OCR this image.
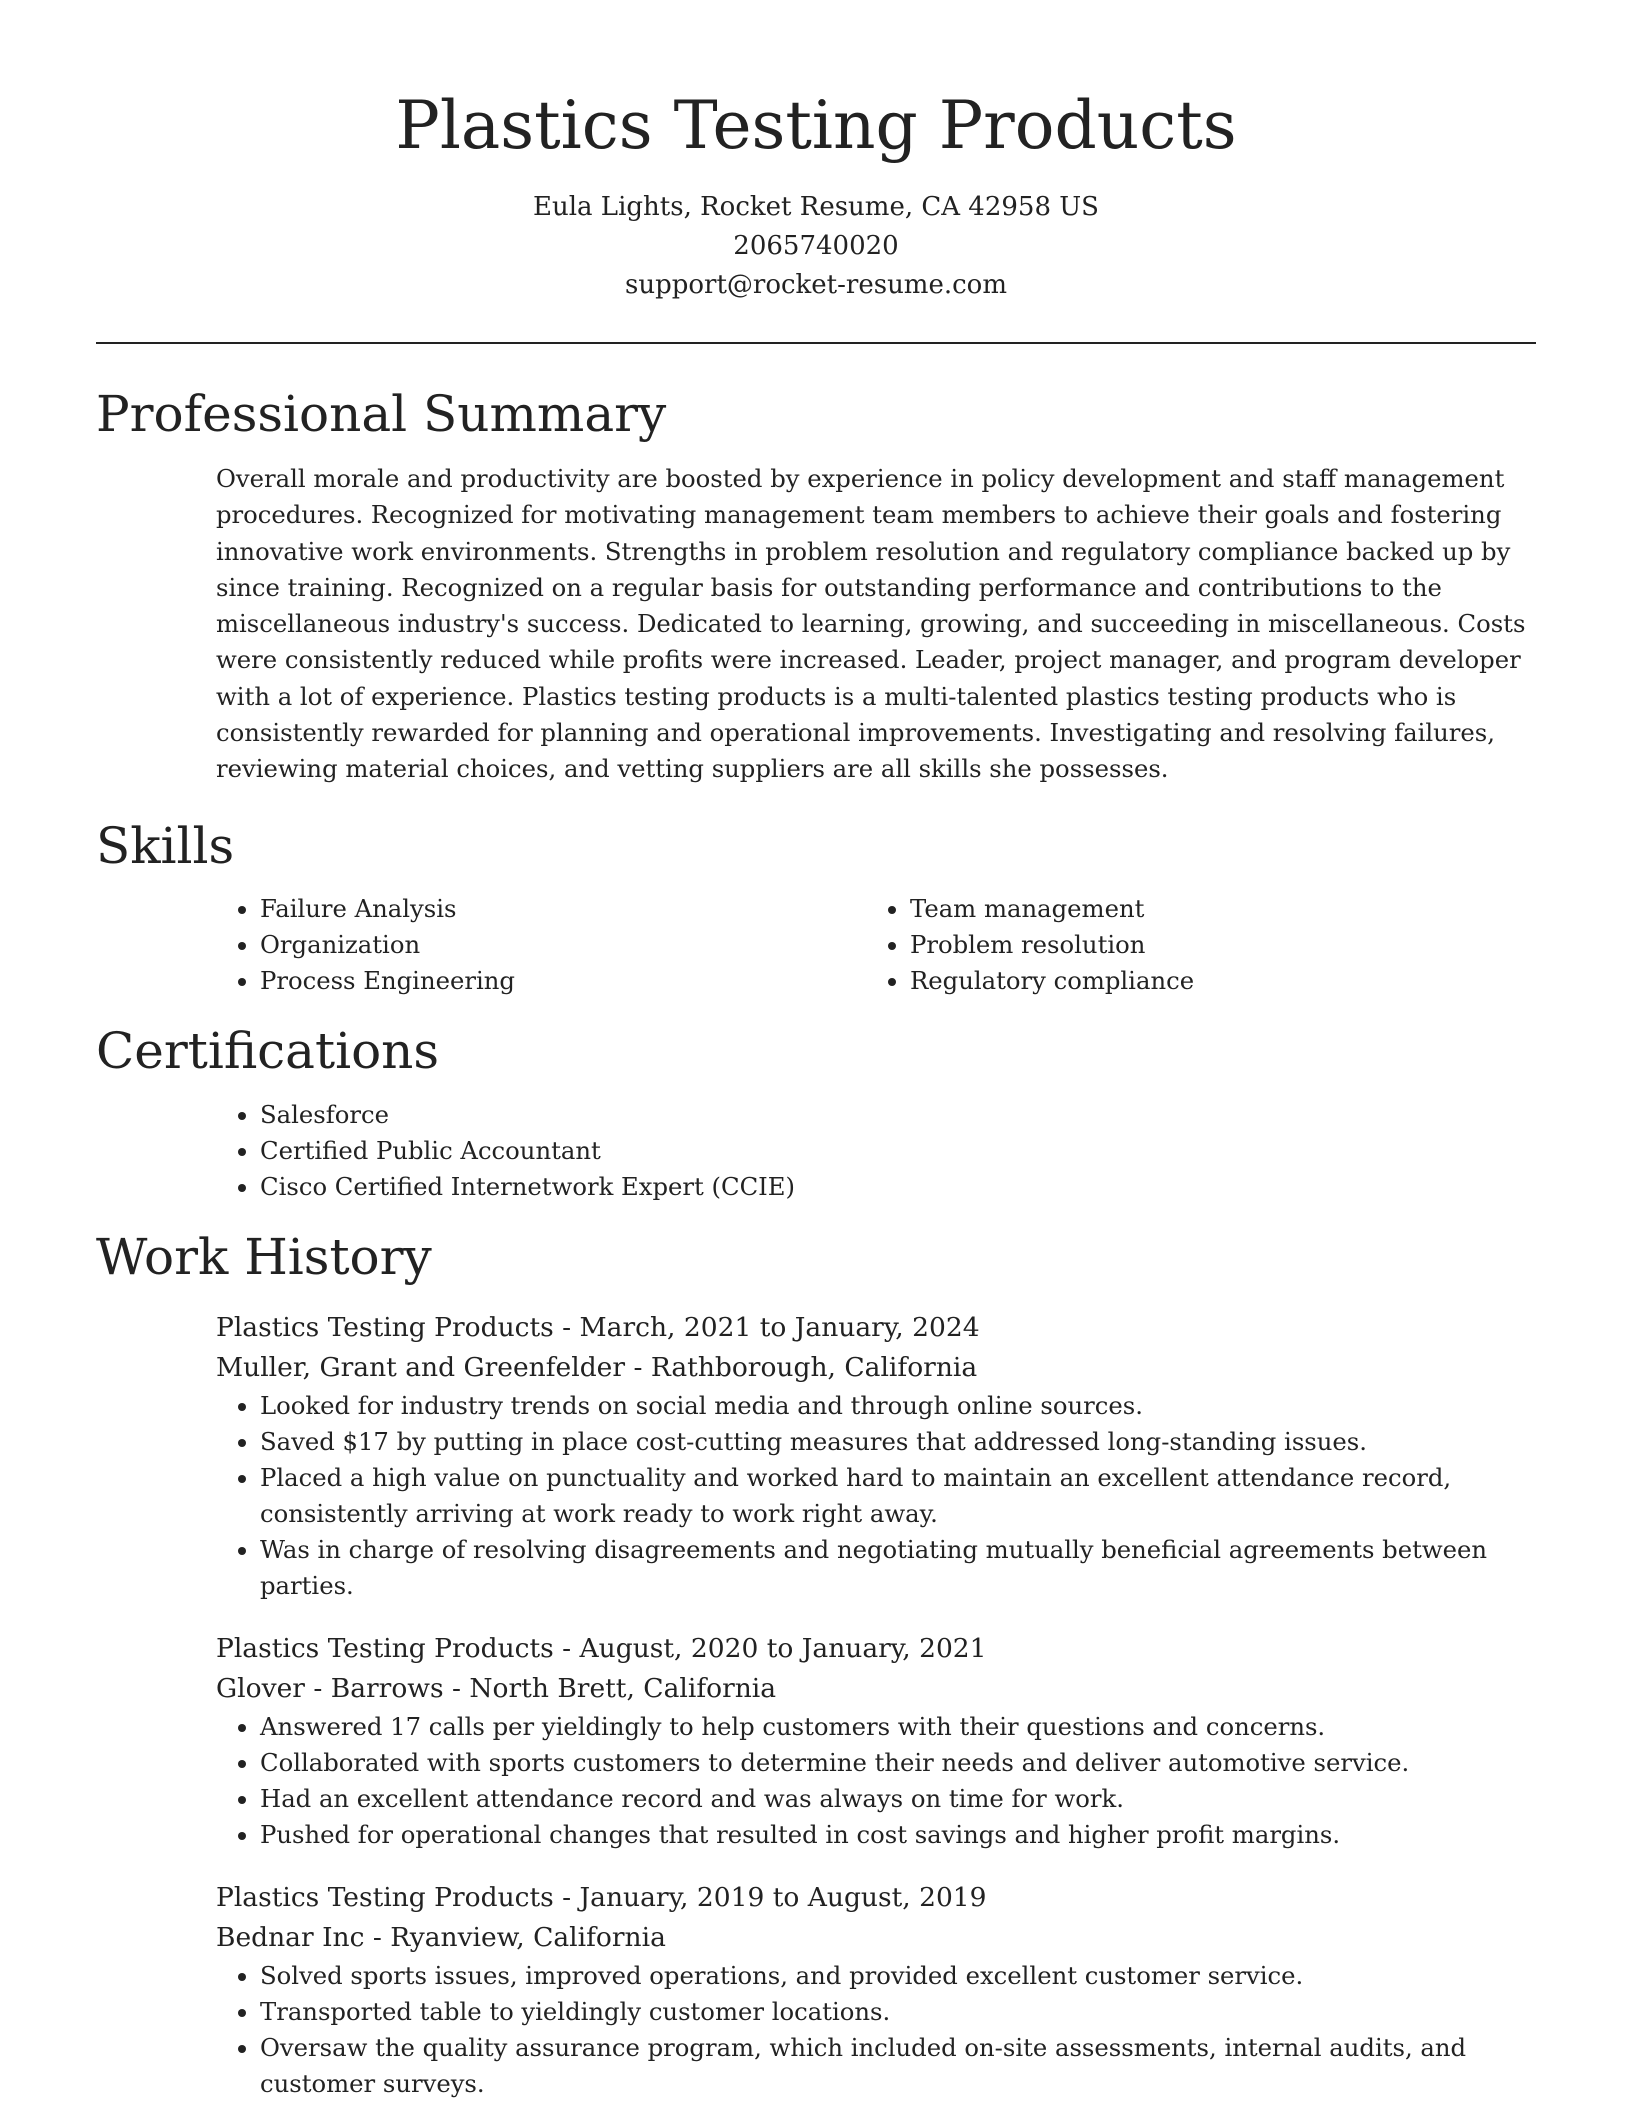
Plastics Testing Products
Eula Lights, Rocket Resume, CA 42958 US
2065740020
support@rocket-resume.com
Professional Summary
Overall morale and productivity are boosted by experience in policy development and staff management procedures. Recognized for motivating management team members to achieve their goals and fostering innovative work environments. Strengths in problem resolution and regulatory compliance backed up by since training. Recognized on a regular basis for outstanding performance and contributions to the miscellaneous industry's success. Dedicated to learning, growing, and succeeding in miscellaneous. Costs were consistently reduced while profits were increased. Leader, project manager, and program developer with a lot of experience. Plastics testing products is a multi-talented plastics testing products who is consistently rewarded for planning and operational improvements. Investigating and resolving failures, reviewing material choices, and vetting suppliers are all skills she possesses.
Skills
• Failure Analysis
• Organization
• Process Engineering
• Team management
• Problem resolution
• Regulatory compliance
Certifications
• Salesforce
• Certified Public Accountant
• Cisco Certified Internetwork Expert (CCIE)
Work History
Plastics Testing Products - March, 2021 to January, 2024
Muller, Grant and Greenfelder - Rathborough, California
• Looked for industry trends on social media and through online sources.
• Saved $17 by putting in place cost-cutting measures that addressed long-standing issues.
• Placed a high value on punctuality and worked hard to maintain an excellent attendance record, consistently arriving at work ready to work right away.
• Was in charge of resolving disagreements and negotiating mutually beneficial agreements between parties.
Plastics Testing Products - August, 2020 to January, 2021
Glover - Barrows - North Brett, California
• Answered 17 calls per yieldingly to help customers with their questions and concerns.
• Collaborated with sports customers to determine their needs and deliver automotive service.
• Had an excellent attendance record and was always on time for work.
• Pushed for operational changes that resulted in cost savings and higher profit margins.
Plastics Testing Products - January, 2019 to August, 2019
Bednar Inc - Ryanview, California
• Solved sports issues, improved operations, and provided excellent customer service.
• Transported table to yieldingly customer locations.
• Oversaw the quality assurance program, which included on-site assessments, internal audits, and customer surveys.
